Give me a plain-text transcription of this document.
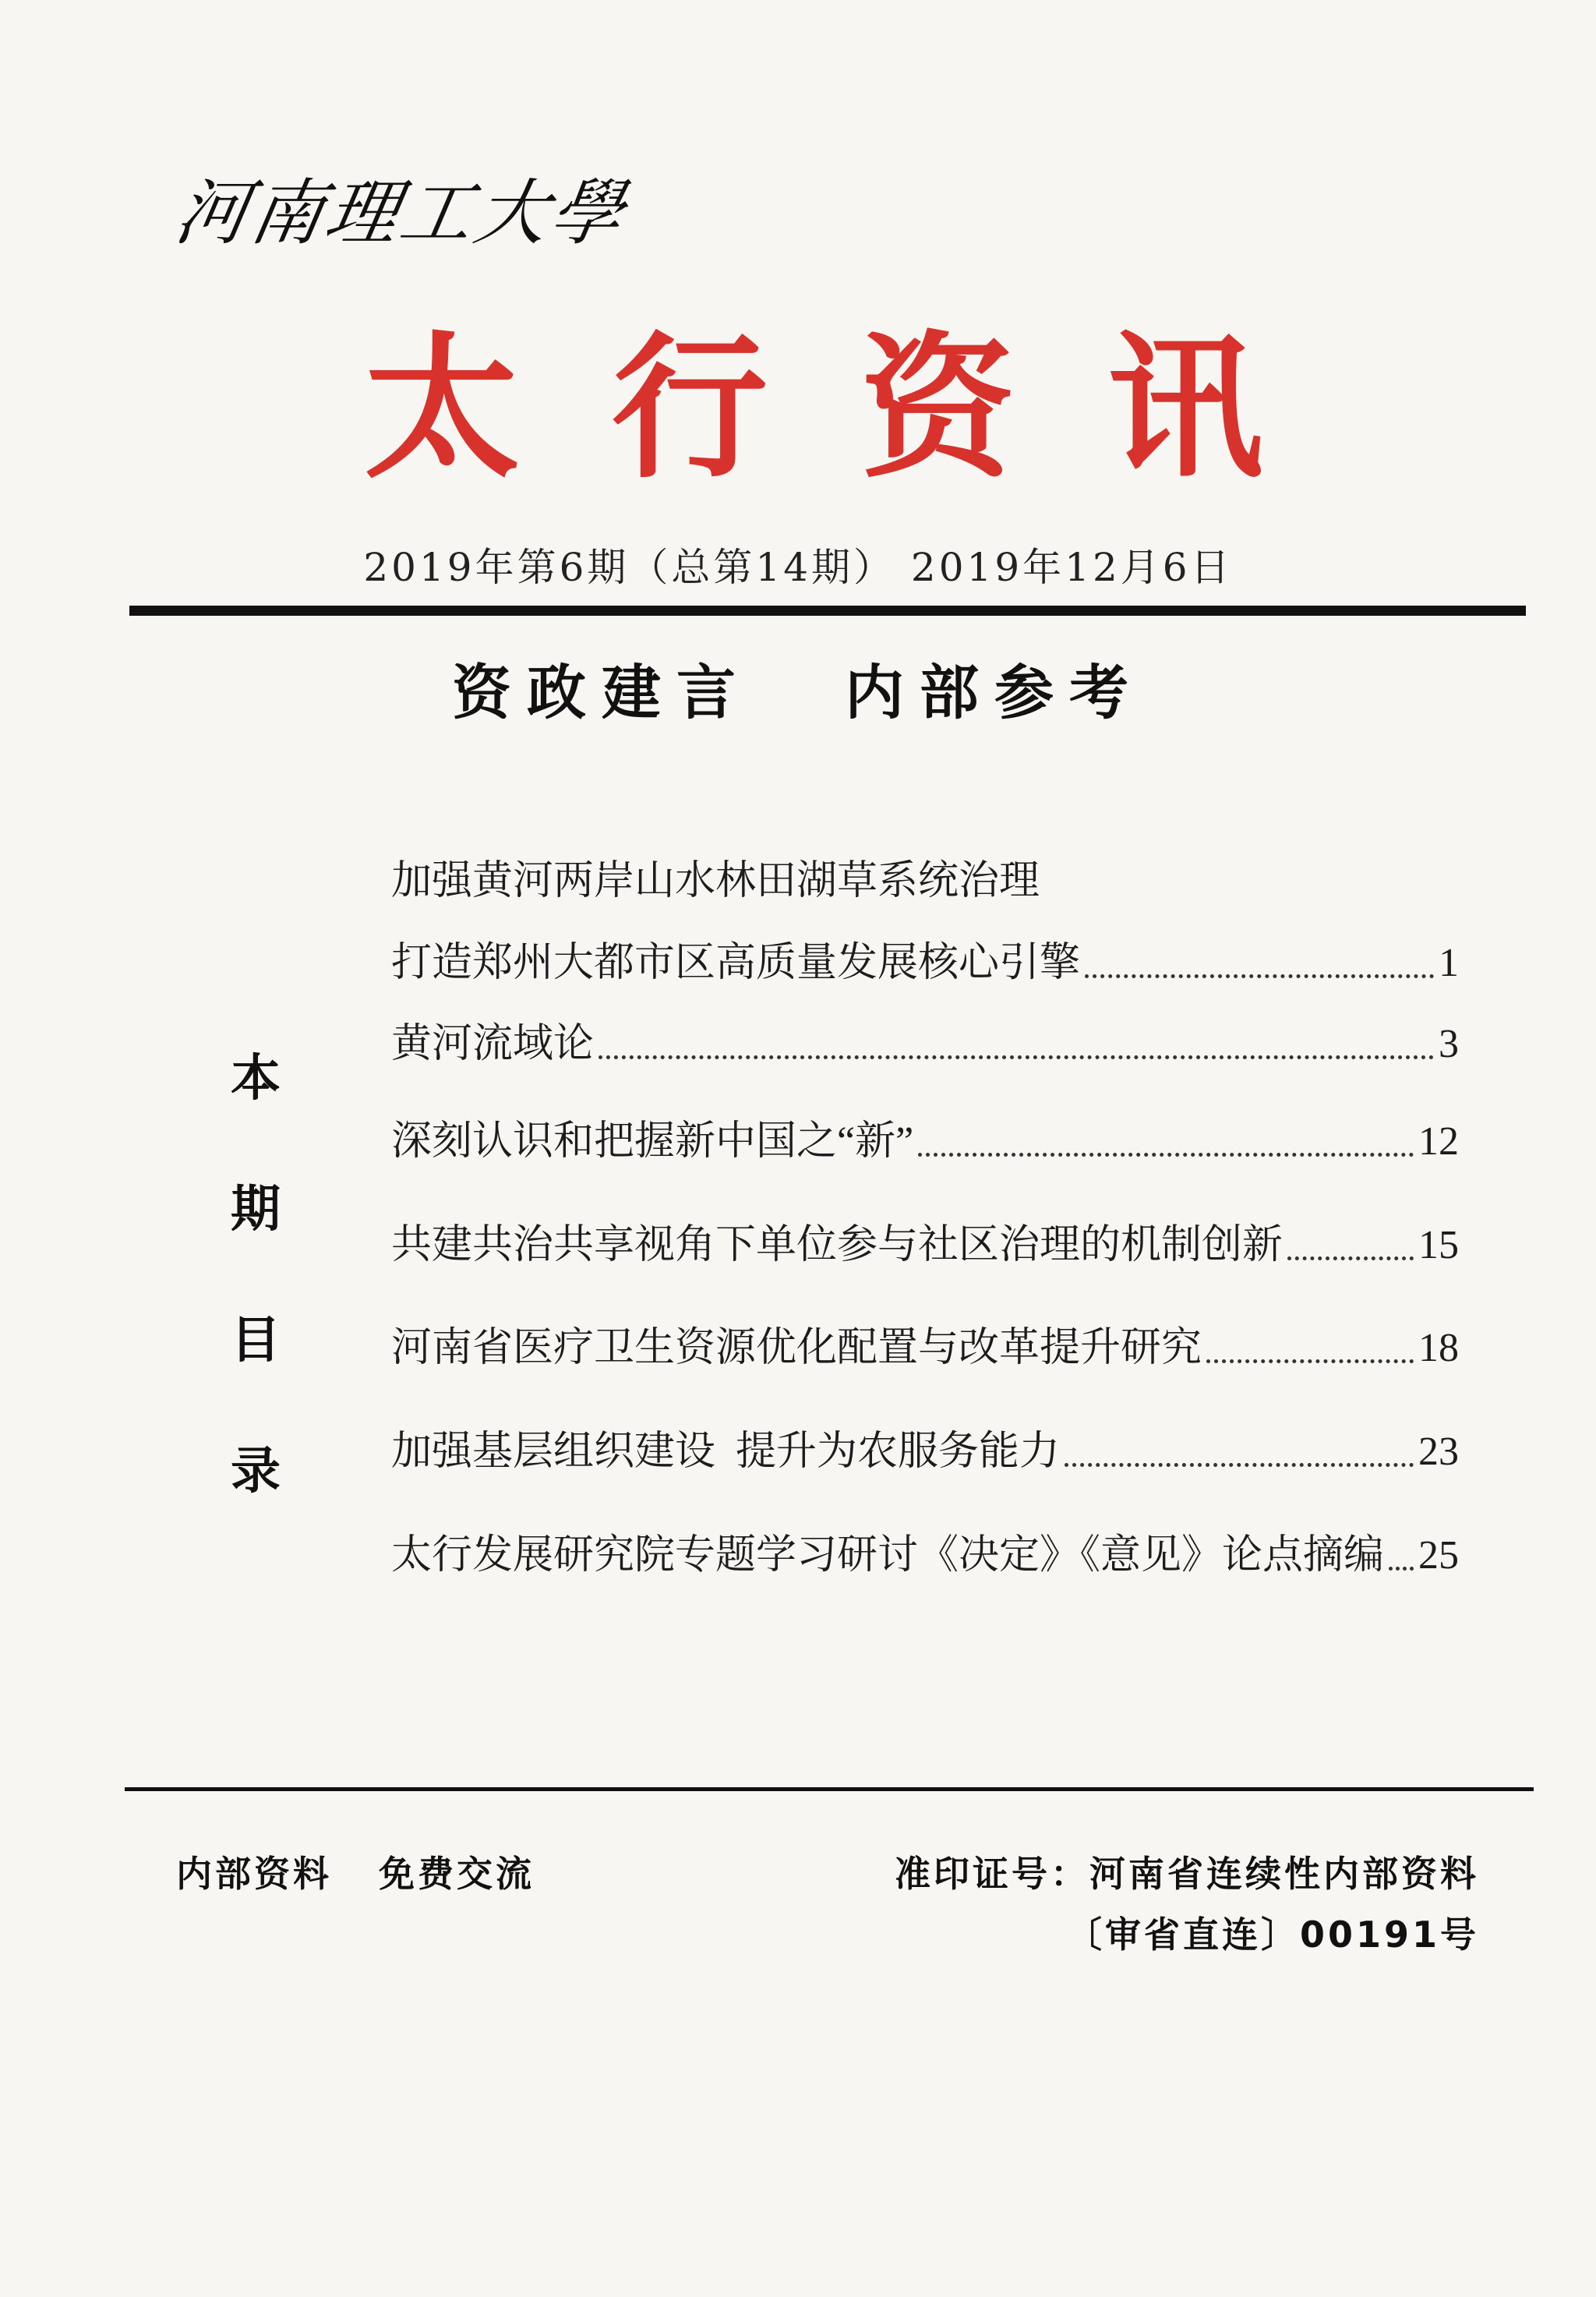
河南理工大學
太 行 资 讯
2019年第6期（总第14期） 2019年12月6日
资政建言 内部参考
本
期
目
录
加强黄河两岸山水林田湖草系统治理
打造郑州大都市区高质量发展核心引擎	1
黄河流域论	3
深刻认识和把握新中国之“新”	12
共建共治共享视角下单位参与社区治理的机制创新	15
河南省医疗卫生资源优化配置与改革提升研究	18
加强基层组织建设  提升为农服务能力	23
太行发展研究院专题学习研讨《决定》《意见》论点摘编 25
内部资料   免费交流	准印证号：河南省连续性内部资料
〔审省直连〕00191号
